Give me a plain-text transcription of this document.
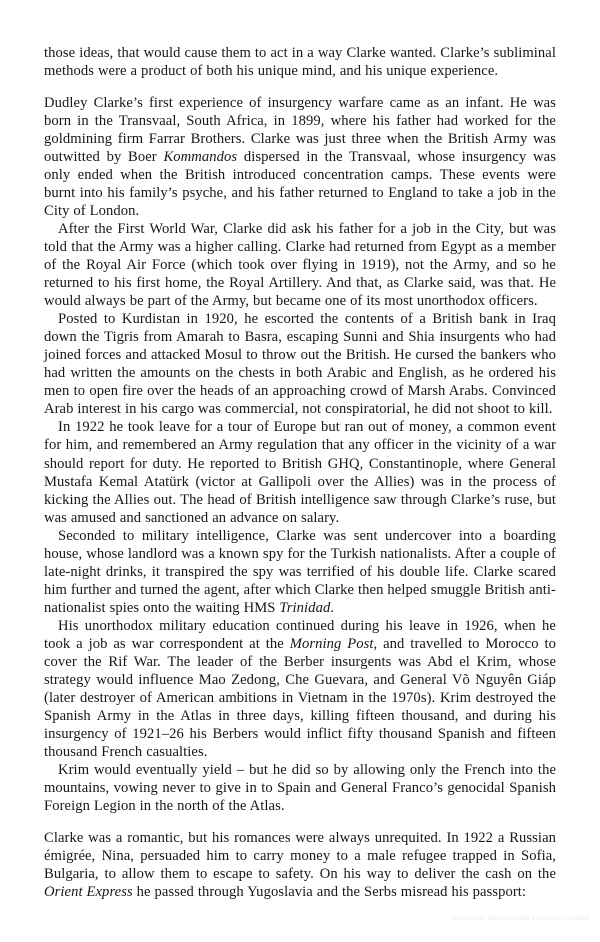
those ideas, that would cause them to act in a way Clarke wanted. Clarke’s subliminal methods were a product of both his unique mind, and his unique experience.

Dudley Clarke’s first experience of insurgency warfare came as an infant. He was born in the Transvaal, South Africa, in 1899, where his father had worked for the goldmining firm Farrar Brothers. Clarke was just three when the British Army was outwitted by Boer Kommandos dispersed in the Transvaal, whose insurgency was only ended when the British introduced concentration camps. These events were burnt into his family’s psyche, and his father returned to England to take a job in the City of London.

After the First World War, Clarke did ask his father for a job in the City, but was told that the Army was a higher calling. Clarke had returned from Egypt as a member of the Royal Air Force (which took over flying in 1919), not the Army, and so he returned to his first home, the Royal Artillery. And that, as Clarke said, was that. He would always be part of the Army, but became one of its most unorthodox officers.

Posted to Kurdistan in 1920, he escorted the contents of a British bank in Iraq down the Tigris from Amarah to Basra, escaping Sunni and Shia insurgents who had joined forces and attacked Mosul to throw out the British. He cursed the bankers who had written the amounts on the chests in both Arabic and English, as he ordered his men to open fire over the heads of an approaching crowd of Marsh Arabs. Convinced Arab interest in his cargo was commercial, not conspiratorial, he did not shoot to kill.

In 1922 he took leave for a tour of Europe but ran out of money, a common event for him, and remembered an Army regulation that any officer in the vicinity of a war should report for duty. He reported to British GHQ, Constantinople, where General Mustafa Kemal Atatürk (victor at Gallipoli over the Allies) was in the process of kicking the Allies out. The head of British intelligence saw through Clarke’s ruse, but was amused and sanctioned an advance on salary.

Seconded to military intelligence, Clarke was sent undercover into a boarding house, whose landlord was a known spy for the Turkish nationalists. After a couple of late-night drinks, it transpired the spy was terrified of his double life. Clarke scared him further and turned the agent, after which Clarke then helped smuggle British anti-nationalist spies onto the waiting HMS Trinidad.

His unorthodox military education continued during his leave in 1926, when he took a job as war correspondent at the Morning Post, and travelled to Morocco to cover the Rif War. The leader of the Berber insurgents was Abd el Krim, whose strategy would influence Mao Zedong, Che Guevara, and General Võ Nguyên Giáp (later destroyer of American ambitions in Vietnam in the 1970s). Krim destroyed the Spanish Army in the Atlas in three days, killing fifteen thousand, and during his insurgency of 1921–26 his Berbers would inflict fifty thousand Spanish and fifteen thousand French casualties.

Krim would eventually yield – but he did so by allowing only the French into the mountains, vowing never to give in to Spain and General Franco’s genocidal Spanish Foreign Legion in the north of the Atlas.

Clarke was a romantic, but his romances were always unrequited. In 1922 a Russian émigrée, Nina, persuaded him to carry money to a male refugee trapped in Sofia, Bulgaria, to allow them to escape to safety. On his way to deliver the cash on the Orient Express he passed through Yugoslavia and the Serbs misread his passport:

Материал, защищенный авторским правом
